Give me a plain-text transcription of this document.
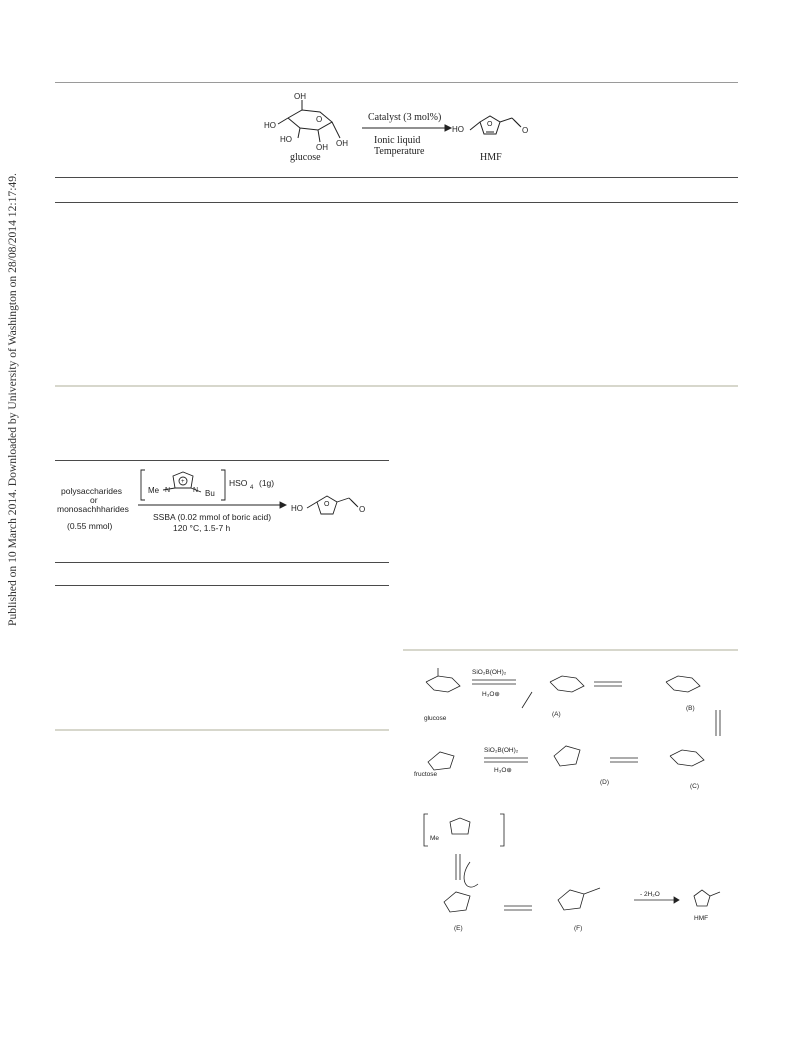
Published on 10 March 2014. Downloaded by University of Washington on 28/08/2014 12:17:49.
O
OH
HO
HO
OH OH
glucose
Catalyst (3 mol%)
Ionic liquid
Temperature
HO
O
O
HMF
polysaccharides
or
monosachhharides
(0.55 mmol)
Me N
+
N Bu
HSO 4 (1g)
SSBA (0.02 mmol of boric acid)
120 °C, 1.5-7 h
HO	O
O
glucose
SiO₂B(OH)₂
H₃O⊕
(A)
(B)
fructose
SiO₂B(OH)₂
H₃O⊕
(C)
(D)
Me
(E)	(F)
- 2H₂O
HMF
